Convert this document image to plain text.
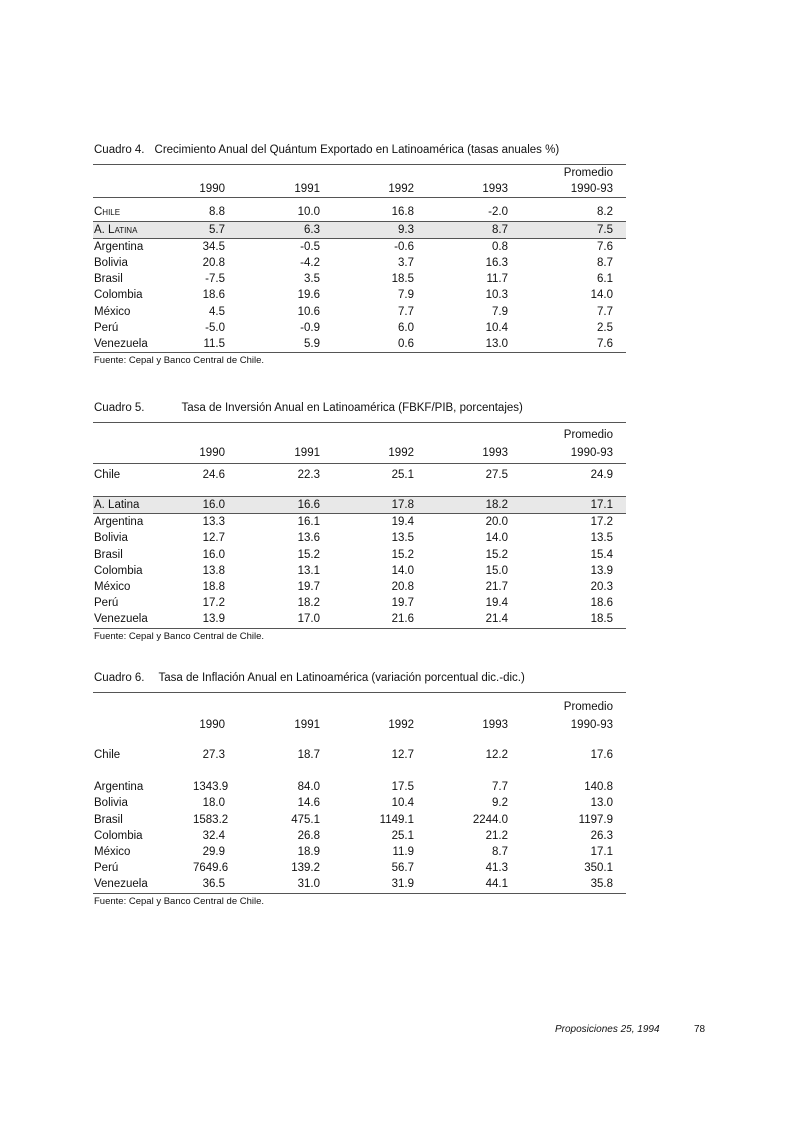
Cuadro 4. Crecimiento Anual del Quántum Exportado en Latinoamérica (tasas anuales %)
					Promedio
	1990	1991	1992	1993	1990-93

Chile	8.8	10.0	16.8	-2.0	8.2
A. Latina	5.7	6.3	9.3	8.7	7.5
Argentina	34.5	-0.5	-0.6	0.8	7.6
Bolivia	20.8	-4.2	3.7	16.3	8.7
Brasil	-7.5	3.5	18.5	11.7	6.1
Colombia	18.6	19.6	7.9	10.3	14.0
México	4.5	10.6	7.7	7.9	7.7
Perú	-5.0	-0.9	6.0	10.4	2.5
Venezuela	11.5	5.9	0.6	13.0	7.6
Fuente: Cepal y Banco Central de Chile.
Cuadro 5.	Tasa de Inversión Anual en Latinoamérica (FBKF/PIB, porcentajes)
					Promedio
	1990	1991	1992	1993	1990-93
Chile	24.6	22.3	25.1	27.5	24.9

A. Latina	16.0	16.6	17.8	18.2	17.1
Argentina	13.3	16.1	19.4	20.0	17.2
Bolivia	12.7	13.6	13.5	14.0	13.5
Brasil	16.0	15.2	15.2	15.2	15.4
Colombia	13.8	13.1	14.0	15.0	13.9
México	18.8	19.7	20.8	21.7	20.3
Perú	17.2	18.2	19.7	19.4	18.6
Venezuela	13.9	17.0	21.6	21.4	18.5
Fuente: Cepal y Banco Central de Chile.
Cuadro 6. Tasa de Inflación Anual en Latinoamérica (variación porcentual dic.-dic.)
					Promedio
	1990	1991	1992	1993	1990-93

Chile	27.3	18.7	12.7	12.2	17.6

Argentina	1343.9	84.0	17.5	7.7	140.8
Bolivia	18.0	14.6	10.4	9.2	13.0
Brasil	1583.2	475.1	1149.1	2244.0	1197.9
Colombia	32.4	26.8	25.1	21.2	26.3
México	29.9	18.9	11.9	8.7	17.1
Perú	7649.6	139.2	56.7	41.3	350.1
Venezuela	36.5	31.0	31.9	44.1	35.8
Fuente: Cepal y Banco Central de Chile.
Proposiciones 25, 1994	78
